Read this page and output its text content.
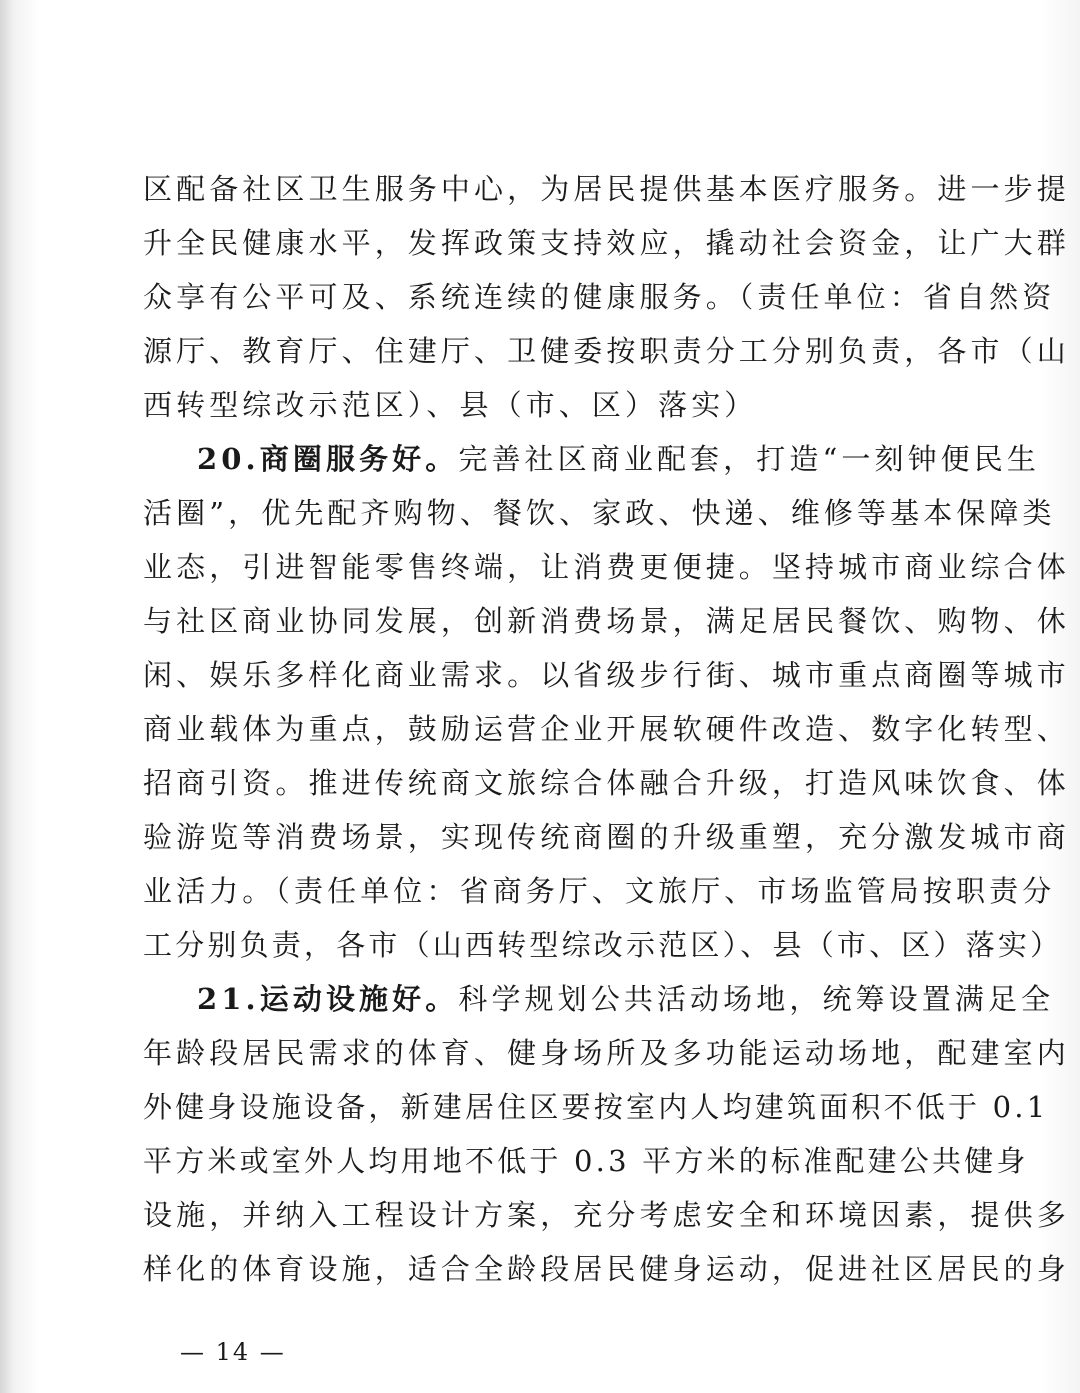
区配备社区卫生服务中心，为居民提供基本医疗服务。进一步提
升全民健康水平，发挥政策支持效应，撬动社会资金，让广大群
众享有公平可及、系统连续的健康服务。（责任单位：省自然资
源厅、教育厅、住建厅、卫健委按职责分工分别负责，各市（山
西转型综改示范区）、县（市、区）落实）
20.商圈服务好。完善社区商业配套，打造“一刻钟便民生
活圈”，优先配齐购物、餐饮、家政、快递、维修等基本保障类
业态，引进智能零售终端，让消费更便捷。坚持城市商业综合体
与社区商业协同发展，创新消费场景，满足居民餐饮、购物、休
闲、娱乐多样化商业需求。以省级步行街、城市重点商圈等城市
商业载体为重点，鼓励运营企业开展软硬件改造、数字化转型、
招商引资。推进传统商文旅综合体融合升级，打造风味饮食、体
验游览等消费场景，实现传统商圈的升级重塑，充分激发城市商
业活力。（责任单位：省商务厅、文旅厅、市场监管局按职责分
工分别负责，各市（山西转型综改示范区）、县（市、区）落实）
21.运动设施好。科学规划公共活动场地，统筹设置满足全
年龄段居民需求的体育、健身场所及多功能运动场地，配建室内
外健身设施设备，新建居住区要按室内人均建筑面积不低于 0.1
平方米或室外人均用地不低于 0.3 平方米的标准配建公共健身
设施，并纳入工程设计方案，充分考虑安全和环境因素，提供多
样化的体育设施，适合全龄段居民健身运动，促进社区居民的身
— 14 —
